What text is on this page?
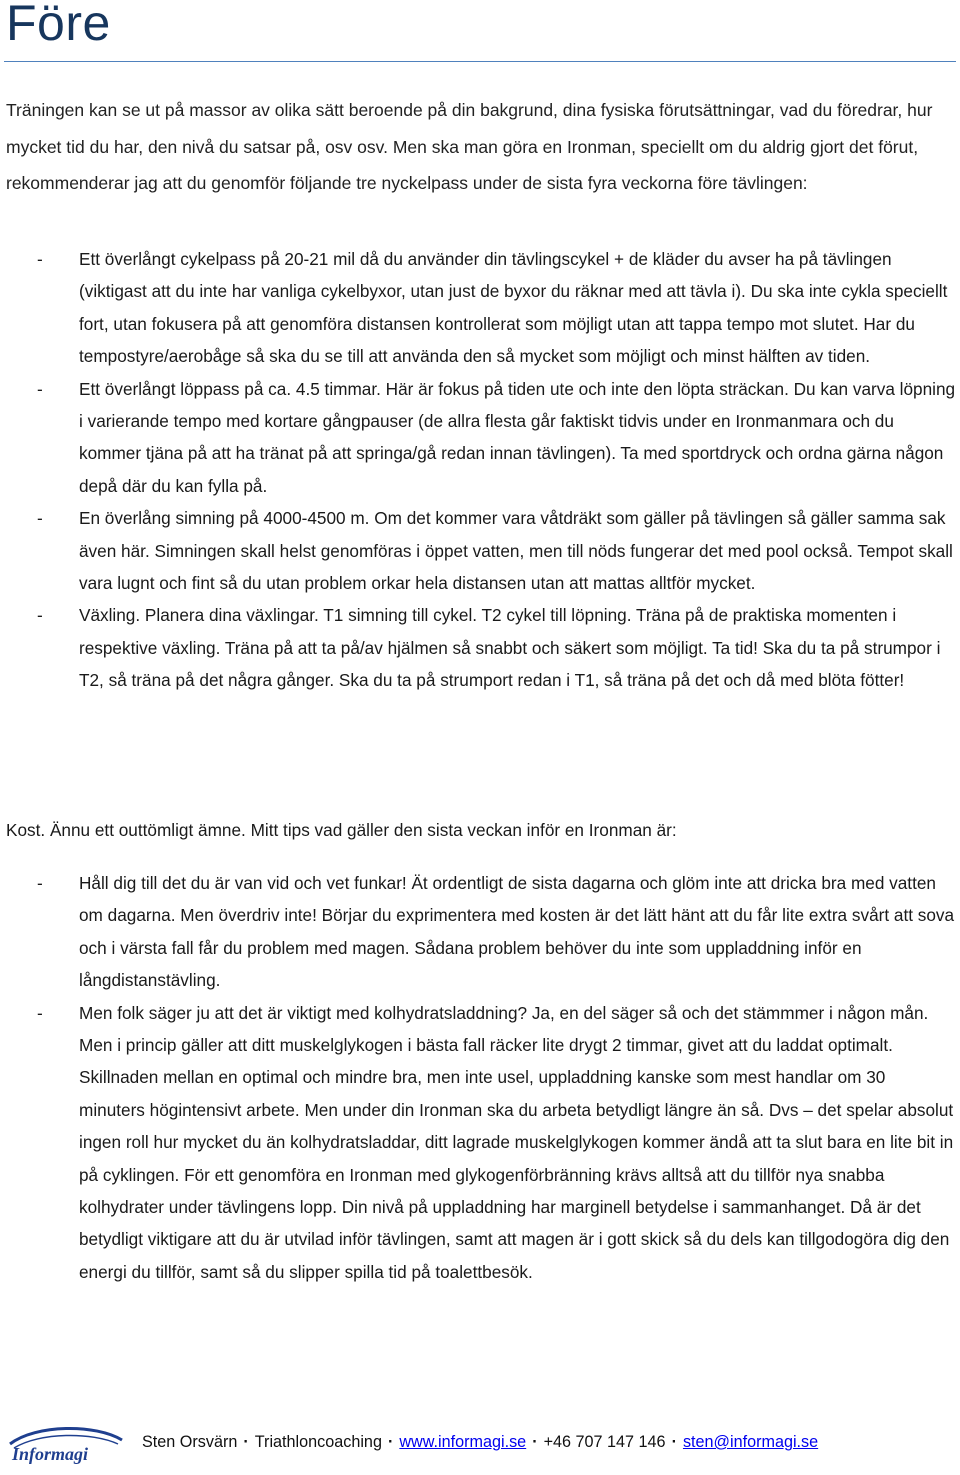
Före

Träningen kan se ut på massor av olika sätt beroende på din bakgrund, dina fysiska förutsättningar, vad du föredrar, hur mycket tid du har, den nivå du satsar på, osv osv. Men ska man göra en Ironman, speciellt om du aldrig gjort det förut, rekommenderar jag att du genomför följande tre nyckelpass under de sista fyra veckorna före tävlingen:

- Ett överlångt cykelpass på 20-21 mil då du använder din tävlingscykel + de kläder du avser ha på tävlingen (viktigast att du inte har vanliga cykelbyxor, utan just de byxor du räknar med att tävla i). Du ska inte cykla speciellt fort, utan fokusera på att genomföra distansen kontrollerat som möjligt utan att tappa tempo mot slutet. Har du tempostyre/aerobåge så ska du se till att använda den så mycket som möjligt och minst hälften av tiden.
- Ett överlångt löppass på ca. 4.5 timmar. Här är fokus på tiden ute och inte den löpta sträckan. Du kan varva löpning i varierande tempo med kortare gångpauser (de allra flesta går faktiskt tidvis under en Ironmanmara och du kommer tjäna på att ha tränat på att springa/gå redan innan tävlingen). Ta med sportdryck och ordna gärna någon depå där du kan fylla på.
- En överlång simning på 4000-4500 m. Om det kommer vara våtdräkt som gäller på tävlingen så gäller samma sak även här. Simningen skall helst genomföras i öppet vatten, men till nöds fungerar det med pool också. Tempot skall vara lugnt och fint så du utan problem orkar hela distansen utan att mattas alltför mycket.
- Växling. Planera dina växlingar. T1 simning till cykel. T2 cykel till löpning. Träna på de praktiska momenten i respektive växling. Träna på att ta på/av hjälmen så snabbt och säkert som möjligt. Ta tid! Ska du ta på strumpor i T2, så träna på det några gånger. Ska du ta på strumport redan i T1, så träna på det och då med blöta fötter!

Kost. Ännu ett outtömligt ämne. Mitt tips vad gäller den sista veckan inför en Ironman är:

- Håll dig till det du är van vid och vet funkar! Ät ordentligt de sista dagarna och glöm inte att dricka bra med vatten om dagarna. Men överdriv inte! Börjar du exprimentera med kosten är det lätt hänt att du får lite extra svårt att sova och i värsta fall får du problem med magen. Sådana problem behöver du inte som uppladdning inför en långdistanstävling.
- Men folk säger ju att det är viktigt med kolhydratsladdning? Ja, en del säger så och det stämmmer i någon mån. Men i princip gäller att ditt muskelglykogen i bästa fall räcker lite drygt 2 timmar, givet att du laddat optimalt. Skillnaden mellan en optimal och mindre bra, men inte usel, uppladdning kanske som mest handlar om 30 minuters högintensivt arbete. Men under din Ironman ska du arbeta betydligt längre än så. Dvs – det spelar absolut ingen roll hur mycket du än kolhydratsladdar, ditt lagrade muskelglykogen kommer ändå att ta slut bara en lite bit in på cyklingen. För ett genomföra en Ironman med glykogenförbränning krävs alltså att du tillför nya snabba kolhydrater under tävlingens lopp. Din nivå på uppladdning har marginell betydelse i sammanhanget. Då är det betydligt viktigare att du är utvilad inför tävlingen, samt att magen är i gott skick så du dels kan tillgodogöra dig den energi du tillför, samt så du slipper spilla tid på toalettbesök.
Informagi
Sten Orsvärn · Triathloncoaching · www.informagi.se · +46 707 147 146 · sten@informagi.se
